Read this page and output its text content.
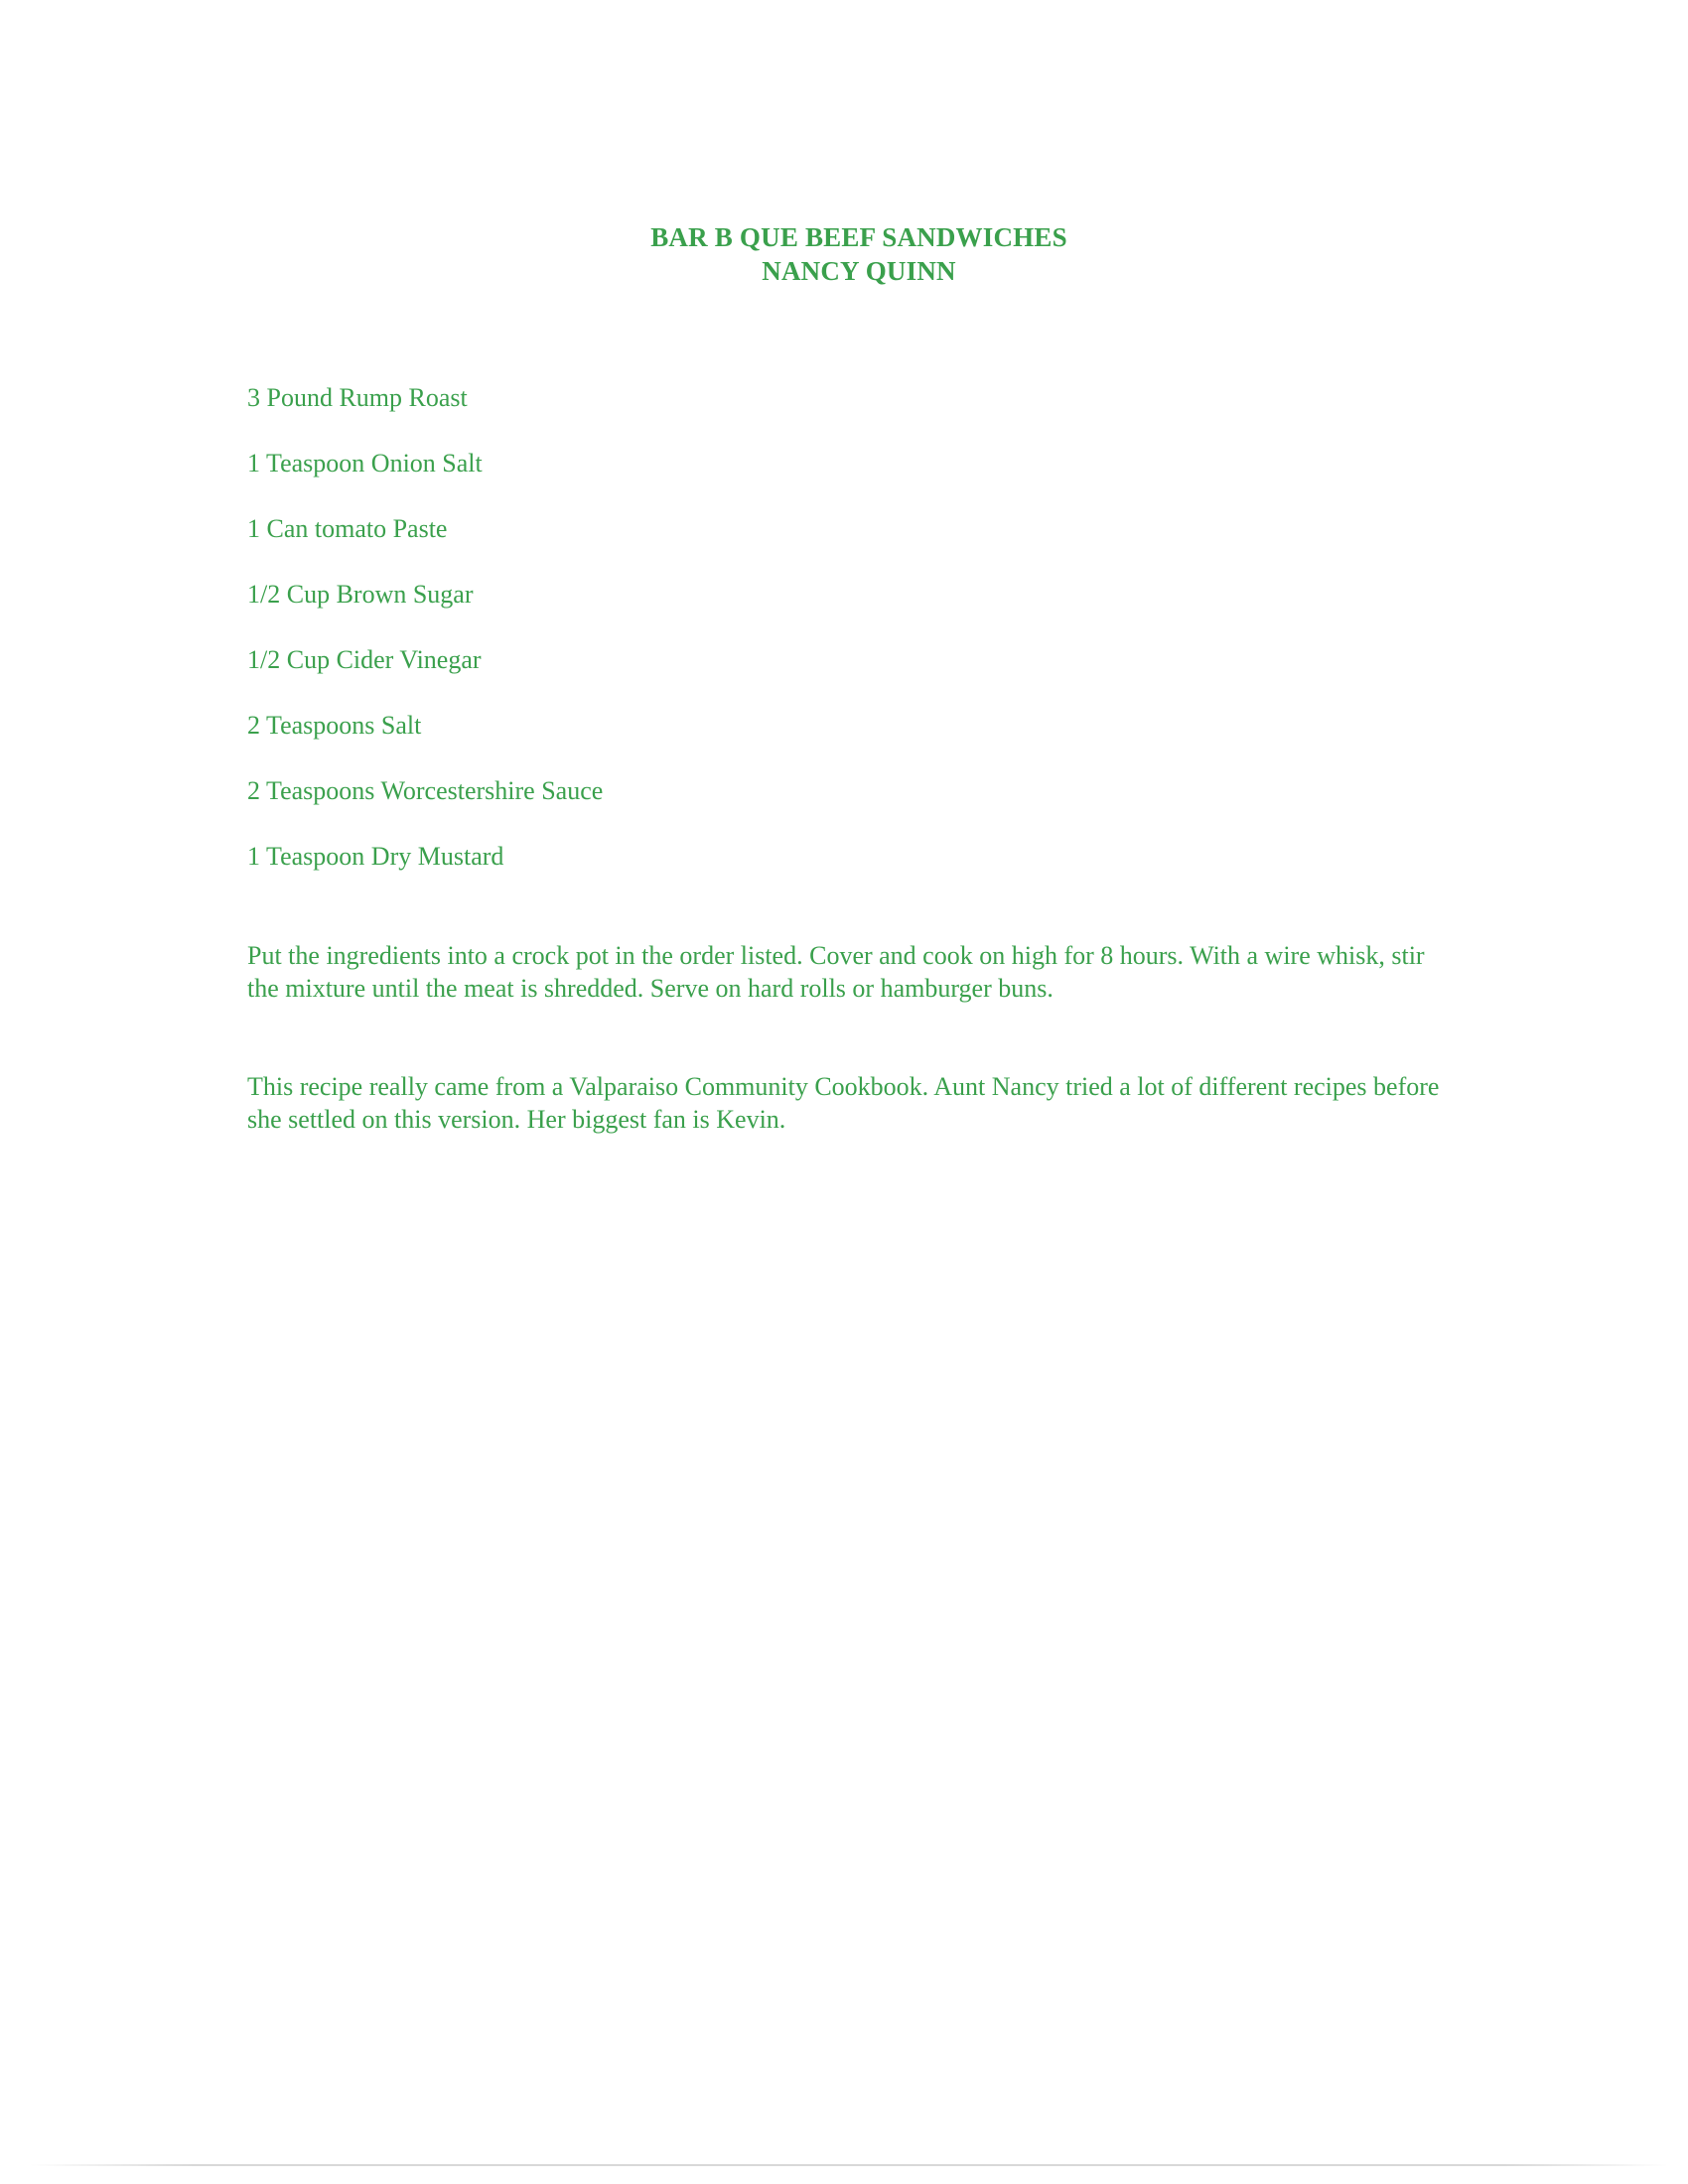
BAR B QUE BEEF SANDWICHES
NANCY QUINN
3 Pound Rump Roast
1 Teaspoon Onion Salt
1 Can tomato Paste
1/2 Cup Brown Sugar
1/2 Cup Cider Vinegar
2 Teaspoons Salt
2 Teaspoons Worcestershire Sauce
1 Teaspoon Dry Mustard

Put the ingredients into a crock pot in the order listed. Cover and cook on high for 8 hours. With a wire whisk, stir the mixture until the meat is shredded. Serve on hard rolls or hamburger buns.

This recipe really came from a Valparaiso Community Cookbook. Aunt Nancy tried a lot of different recipes before she settled on this version. Her biggest fan is Kevin.
